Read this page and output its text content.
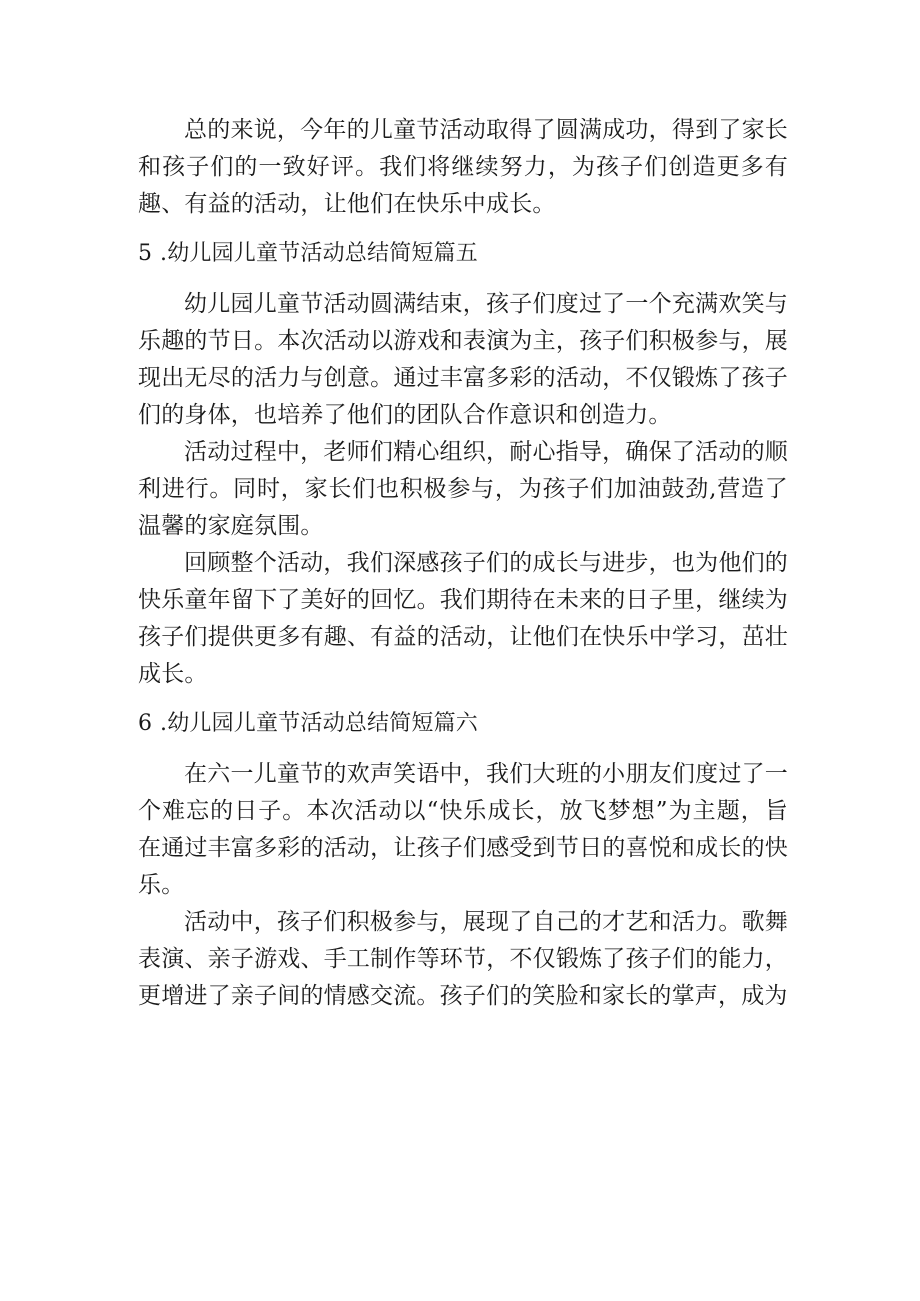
总的来说，今年的儿童节活动取得了圆满成功，得到了家长和孩子们的一致好评。我们将继续努力，为孩子们创造更多有趣、有益的活动，让他们在快乐中成长。

5 .幼儿园儿童节活动总结简短篇五

幼儿园儿童节活动圆满结束，孩子们度过了一个充满欢笑与乐趣的节日。本次活动以游戏和表演为主，孩子们积极参与，展现出无尽的活力与创意。通过丰富多彩的活动，不仅锻炼了孩子们的身体，也培养了他们的团队合作意识和创造力。

活动过程中，老师们精心组织，耐心指导，确保了活动的顺利进行。同时，家长们也积极参与，为孩子们加油鼓劲,营造了温馨的家庭氛围。

回顾整个活动，我们深感孩子们的成长与进步，也为他们的快乐童年留下了美好的回忆。我们期待在未来的日子里，继续为孩子们提供更多有趣、有益的活动，让他们在快乐中学习，茁壮成长。

6 .幼儿园儿童节活动总结简短篇六

在六一儿童节的欢声笑语中，我们大班的小朋友们度过了一个难忘的日子。本次活动以“快乐成长，放飞梦想”为主题，旨在通过丰富多彩的活动，让孩子们感受到节日的喜悦和成长的快乐。

活动中，孩子们积极参与，展现了自己的才艺和活力。歌舞表演、亲子游戏、手工制作等环节，不仅锻炼了孩子们的能力，更增进了亲子间的情感交流。孩子们的笑脸和家长的掌声，成为
